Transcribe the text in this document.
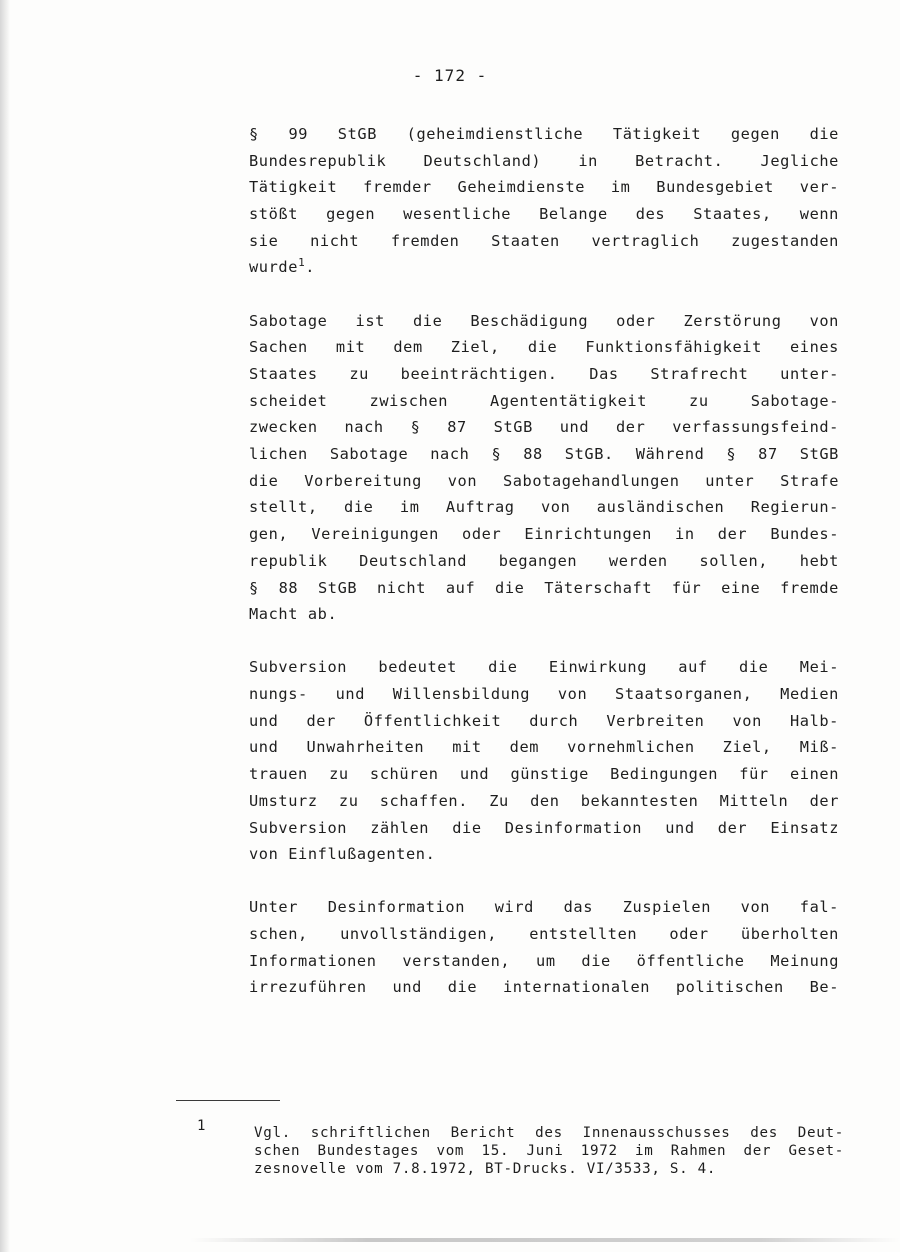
- 172 -
§ 99 StGB (geheimdienstliche Tätigkeit gegen die
Bundesrepublik Deutschland) in Betracht. Jegliche
Tätigkeit fremder Geheimdienste im Bundesgebiet ver-
stößt gegen wesentliche Belange des Staates, wenn
sie nicht fremden Staaten vertraglich zugestanden
wurde$^1$.
Sabotage ist die Beschädigung oder Zerstörung von
Sachen mit dem Ziel, die Funktionsfähigkeit eines
Staates zu beeinträchtigen. Das Strafrecht unter-
scheidet zwischen Agententätigkeit zu Sabotage-
zwecken nach § 87 StGB und der verfassungsfeind-
lichen Sabotage nach § 88 StGB. Während § 87 StGB
die Vorbereitung von Sabotagehandlungen unter Strafe
stellt, die im Auftrag von ausländischen Regierun-
gen, Vereinigungen oder Einrichtungen in der Bundes-
republik Deutschland begangen werden sollen, hebt
§ 88 StGB nicht auf die Täterschaft für eine fremde
Macht ab.
Subversion bedeutet die Einwirkung auf die Mei-
nungs- und Willensbildung von Staatsorganen, Medien
und der Öffentlichkeit durch Verbreiten von Halb-
und Unwahrheiten mit dem vornehmlichen Ziel, Miß-
trauen zu schüren und günstige Bedingungen für einen
Umsturz zu schaffen. Zu den bekanntesten Mitteln der
Subversion zählen die Desinformation und der Einsatz
von Einflußagenten.
Unter Desinformation wird das Zuspielen von fal-
schen, unvollständigen, entstellten oder überholten
Informationen verstanden, um die öffentliche Meinung
irrezuführen und die internationalen politischen Be-
1	Vgl. schriftlichen Bericht des Innenausschusses des Deut-
schen Bundestages vom 15. Juni 1972 im Rahmen der Geset-
zesnovelle vom 7.8.1972, BT-Drucks. VI/3533, S. 4.
